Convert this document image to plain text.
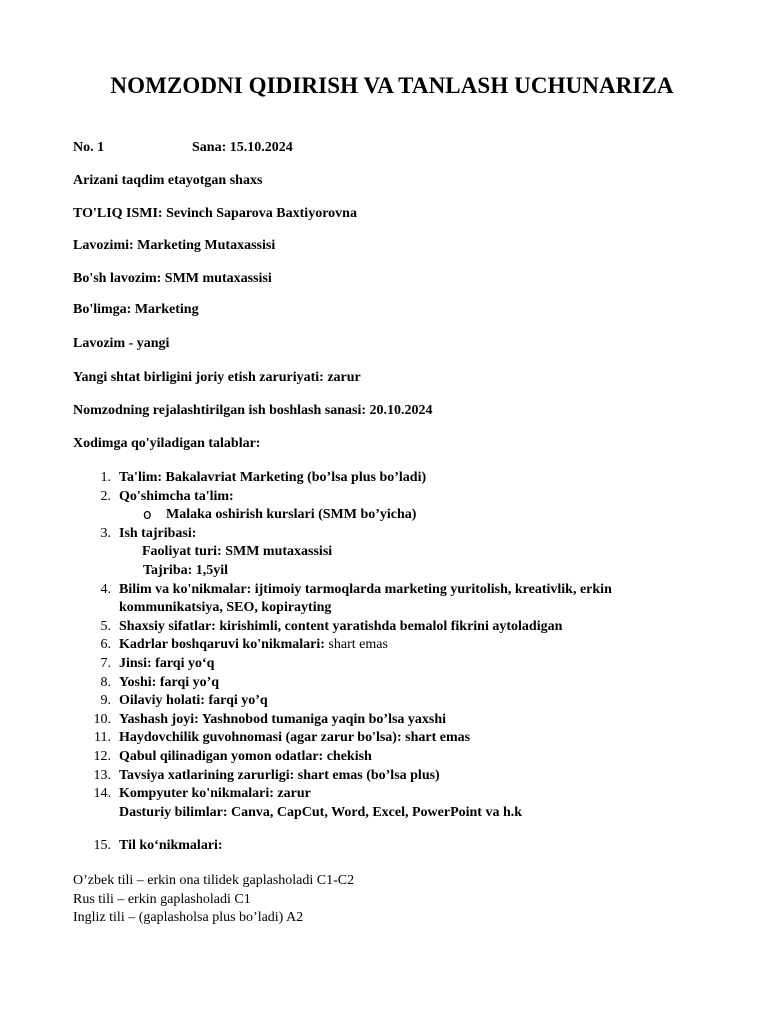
NOMZODNI QIDIRISH VA TANLASH UCHUNARIZA
No. 1	Sana: 15.10.2024
Arizani taqdim etayotgan shaxs
TO'LIQ ISMI: Sevinch Saparova Baxtiyorovna
Lavozimi: Marketing Mutaxassisi
Bo'sh lavozim: SMM mutaxassisi
Bo'limga: Marketing
Lavozim - yangi
Yangi shtat birligini joriy etish zaruriyati: zarur
Nomzodning rejalashtirilgan ish boshlash sanasi: 20.10.2024
Xodimga qo'yiladigan talablar:
1. Ta'lim: Bakalavriat Marketing (bo’lsa plus bo’ladi)
2. Qo'shimcha ta'lim:
o Malaka oshirish kurslari (SMM bo’yicha)
3. Ish tajribasi:
Faoliyat turi: SMM mutaxassisi
Tajriba: 1,5yil
4. Bilim va ko'nikmalar: ijtimoiy tarmoqlarda marketing yuritolish, kreativlik, erkin
kommunikatsiya, SEO, kopirayting
5. Shaxsiy sifatlar: kirishimli, content yaratishda bemalol fikrini aytoladigan
6. Kadrlar boshqaruvi ko'nikmalari: shart emas
7. Jinsi: farqi yo‘q
8. Yoshi: farqi yo’q
9. Oilaviy holati: farqi yo’q
10. Yashash joyi: Yashnobod tumaniga yaqin bo’lsa yaxshi
11. Haydovchilik guvohnomasi (agar zarur bo'lsa): shart emas
12. Qabul qilinadigan yomon odatlar: chekish
13. Tavsiya xatlarining zarurligi: shart emas (bo’lsa plus)
14. Kompyuter ko'nikmalari: zarur
Dasturiy bilimlar: Canva, CapCut, Word, Excel, PowerPoint va h.k
15. Til ko‘nikmalari:
O’zbek tili – erkin ona tilidek gaplasholadi C1-C2
Rus tili – erkin gaplasholadi C1
Ingliz tili – (gaplasholsa plus bo’ladi) A2
